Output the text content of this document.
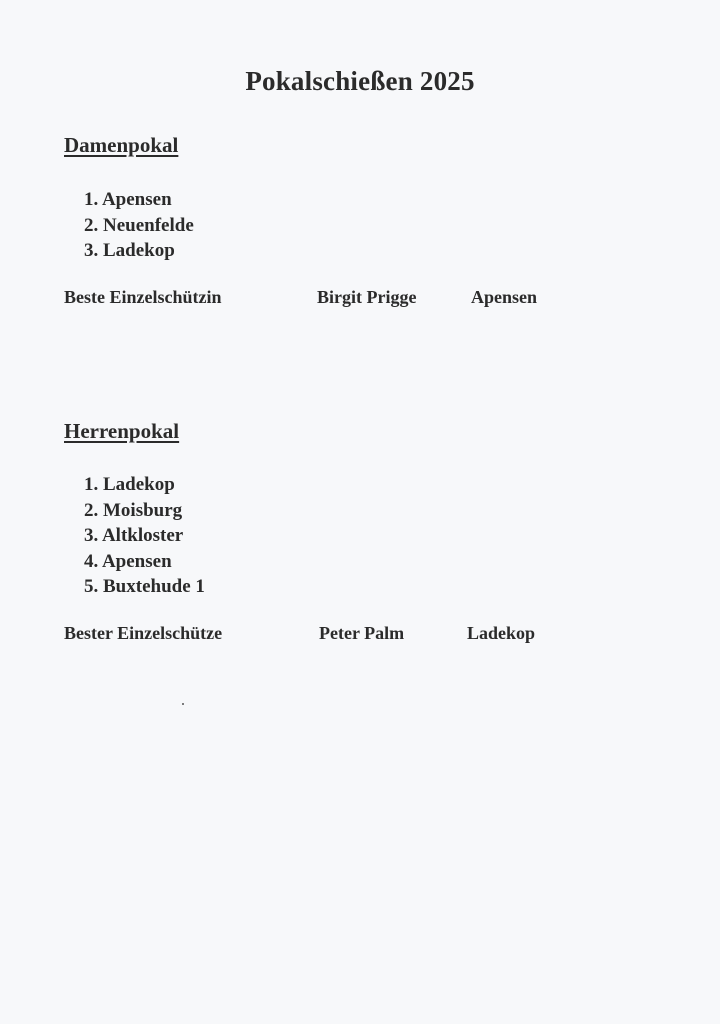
Pokalschießen 2025
Damenpokal
1. Apensen
2. Neuenfelde
3. Ladekop
Beste Einzelschützin	Birgit Prigge	Apensen
Herrenpokal
1. Ladekop
2. Moisburg
3. Altkloster
4. Apensen
5. Buxtehude 1
Bester Einzelschütze	Peter Palm	Ladekop
